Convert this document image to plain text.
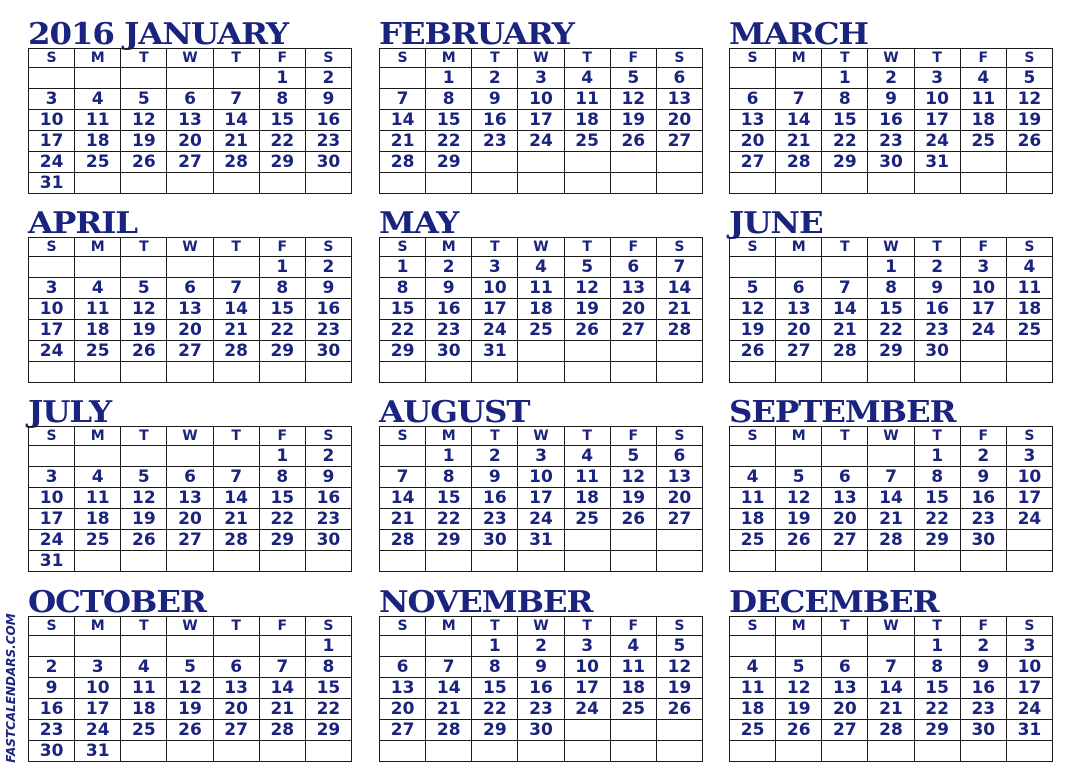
2016 JANUARY
S	M	T	W	T	F	S
					1	2
3	4	5	6	7	8	9
10	11	12	13	14	15	16
17	18	19	20	21	22	23
24	25	26	27	28	29	30
31						
FEBRUARY
S	M	T	W	T	F	S
	1	2	3	4	5	6
7	8	9	10	11	12	13
14	15	16	17	18	19	20
21	22	23	24	25	26	27
28	29					

MARCH
S	M	T	W	T	F	S
		1	2	3	4	5
6	7	8	9	10	11	12
13	14	15	16	17	18	19
20	21	22	23	24	25	26
27	28	29	30	31		

APRIL
S	M	T	W	T	F	S
					1	2
3	4	5	6	7	8	9
10	11	12	13	14	15	16
17	18	19	20	21	22	23
24	25	26	27	28	29	30

MAY
S	M	T	W	T	F	S
1	2	3	4	5	6	7
8	9	10	11	12	13	14
15	16	17	18	19	20	21
22	23	24	25	26	27	28
29	30	31				

JUNE
S	M	T	W	T	F	S
			1	2	3	4
5	6	7	8	9	10	11
12	13	14	15	16	17	18
19	20	21	22	23	24	25
26	27	28	29	30		

JULY
S	M	T	W	T	F	S
					1	2
3	4	5	6	7	8	9
10	11	12	13	14	15	16
17	18	19	20	21	22	23
24	25	26	27	28	29	30
31						
AUGUST
S	M	T	W	T	F	S
	1	2	3	4	5	6
7	8	9	10	11	12	13
14	15	16	17	18	19	20
21	22	23	24	25	26	27
28	29	30	31			

SEPTEMBER
S	M	T	W	T	F	S
				1	2	3
4	5	6	7	8	9	10
11	12	13	14	15	16	17
18	19	20	21	22	23	24
25	26	27	28	29	30	

OCTOBER
S	M	T	W	T	F	S
						1
2	3	4	5	6	7	8
9	10	11	12	13	14	15
16	17	18	19	20	21	22
23	24	25	26	27	28	29
30	31					
NOVEMBER
S	M	T	W	T	F	S
		1	2	3	4	5
6	7	8	9	10	11	12
13	14	15	16	17	18	19
20	21	22	23	24	25	26
27	28	29	30			

DECEMBER
S	M	T	W	T	F	S
				1	2	3
4	5	6	7	8	9	10
11	12	13	14	15	16	17
18	19	20	21	22	23	24
25	26	27	28	29	30	31

FASTCALENDARS.COM
